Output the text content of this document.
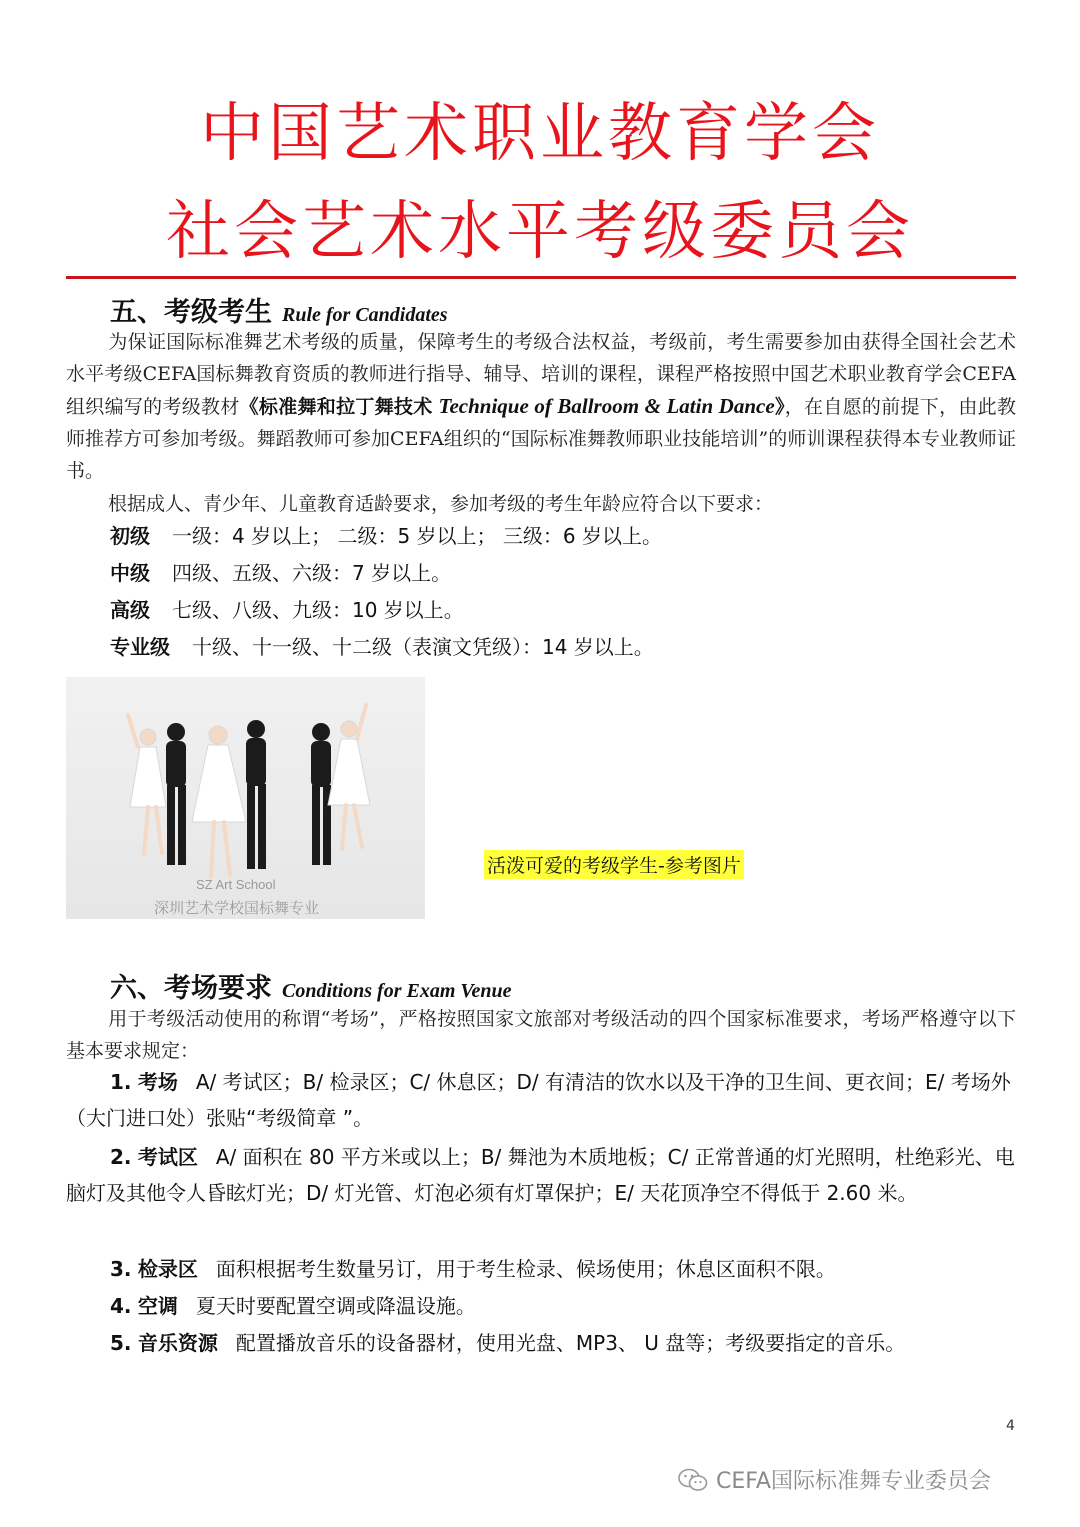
中国艺术职业教育学会
社会艺术水平考级委员会
五、考级考生 Rule for Candidates
为保证国际标准舞艺术考级的质量，保障考生的考级合法权益，考级前，考生需要参加由获得全国社会艺术水平考级CEFA国标舞教育资质的教师进行指导、辅导、培训的课程，课程严格按照中国艺术职业教育学会CEFA组织编写的考级教材《标准舞和拉丁舞技术 Technique of Ballroom & Latin Dance》，在自愿的前提下，由此教师推荐方可参加考级。舞蹈教师可参加CEFA组织的“国际标准舞教师职业技能培训”的师训课程获得本专业教师证书。
根据成人、青少年、儿童教育适龄要求，参加考级的考生年龄应符合以下要求：
初级 一级：4 岁以上； 二级：5 岁以上； 三级：6 岁以上。
中级 四级、五级、六级：7 岁以上。
高级 七级、八级、九级：10 岁以上。
专业级 十级、十一级、十二级（表演文凭级）：14 岁以上。
SZ Art School
深圳艺术学校国标舞专业
活泼可爱的考级学生-参考图片
六、考场要求 Conditions for Exam Venue
用于考级活动使用的称谓“考场”，严格按照国家文旅部对考级活动的四个国家标准要求，考场严格遵守以下基本要求规定：
1. 考场 A/ 考试区；B/ 检录区；C/ 休息区；D/ 有清洁的饮水以及干净的卫生间、更衣间；E/ 考场外（大门进口处）张贴“考级简章 ”。
2. 考试区 A/ 面积在 80 平方米或以上；B/ 舞池为木质地板；C/ 正常普通的灯光照明，杜绝彩光、电脑灯及其他令人昏眩灯光；D/ 灯光管、灯泡必须有灯罩保护；E/ 天花顶净空不得低于 2.60 米。
3. 检录区 面积根据考生数量另订，用于考生检录、候场使用；休息区面积不限。
4. 空调 夏天时要配置空调或降温设施。
5. 音乐资源 配置播放音乐的设备器材，使用光盘、MP3、 U 盘等；考级要指定的音乐。
4
CEFA国际标准舞专业委员会
